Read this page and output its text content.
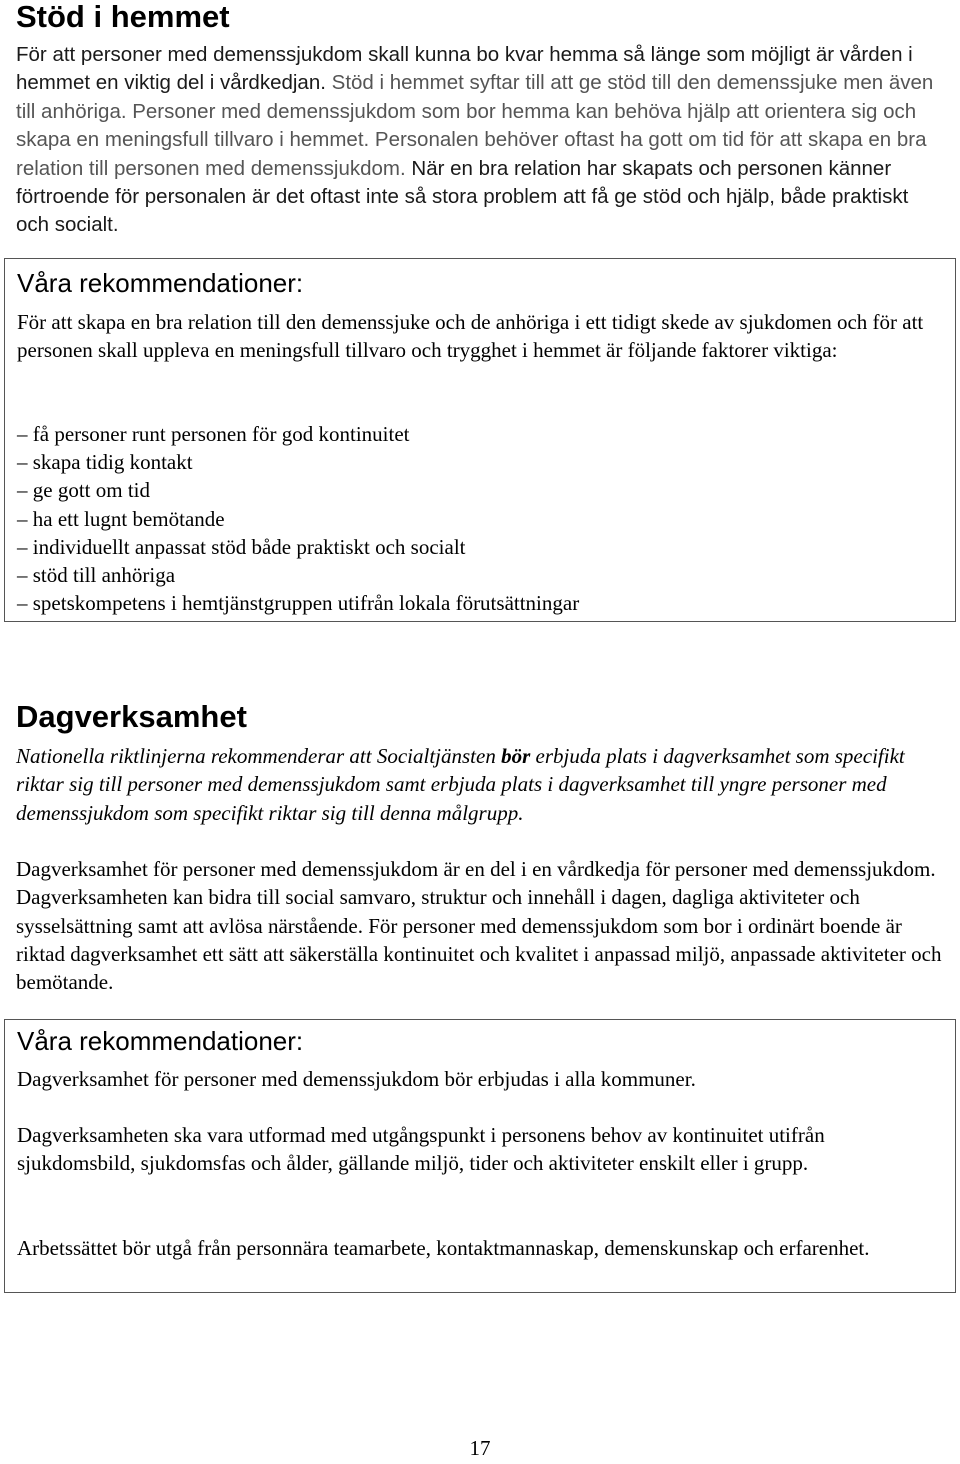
Stöd i hemmet

För att personer med demenssjukdom skall kunna bo kvar hemma så länge som möjligt är vården i hemmet en viktig del i vårdkedjan. Stöd i hemmet syftar till att ge stöd till den demenssjuke men även till anhöriga. Personer med demenssjukdom som bor hemma kan behöva hjälp att orientera sig och skapa en meningsfull tillvaro i hemmet. Personalen behöver oftast ha gott om tid för att skapa en bra relation till personen med demenssjukdom. När en bra relation har skapats och personen känner förtroende för personalen är det oftast inte så stora problem att få ge stöd och hjälp, både praktiskt och socialt.

Våra rekommendationer:

För att skapa en bra relation till den demenssjuke och de anhöriga i ett tidigt skede av sjukdomen och för att personen skall uppleva en meningsfull tillvaro och trygghet i hemmet är följande faktorer viktiga:

– få personer runt personen för god kontinuitet
– skapa tidig kontakt
– ge gott om tid
– ha ett lugnt bemötande
– individuellt anpassat stöd både praktiskt och socialt
– stöd till anhöriga
– spetskompetens i hemtjänstgruppen utifrån lokala förutsättningar
Dagverksamhet

Nationella riktlinjerna rekommenderar att Socialtjänsten bör erbjuda plats i dagverksamhet som specifikt riktar sig till personer med demenssjukdom samt erbjuda plats i dagverksamhet till yngre personer med demenssjukdom som specifikt riktar sig till denna målgrupp.

Dagverksamhet för personer med demenssjukdom är en del i en vårdkedja för personer med demenssjukdom. Dagverksamheten kan bidra till social samvaro, struktur och innehåll i dagen, dagliga aktiviteter och sysselsättning samt att avlösa närstående. För personer med demenssjukdom som bor i ordinärt boende är riktad dagverksamhet ett sätt att säkerställa kontinuitet och kvalitet i anpassad miljö, anpassade aktiviteter och bemötande.

Våra rekommendationer:

Dagverksamhet för personer med demenssjukdom bör erbjudas i alla kommuner.

Dagverksamheten ska vara utformad med utgångspunkt i personens behov av kontinuitet utifrån sjukdomsbild, sjukdomsfas och ålder, gällande miljö, tider och aktiviteter enskilt eller i grupp.

Arbetssättet bör utgå från personnära teamarbete, kontaktmannaskap, demenskunskap och erfarenhet.

17
